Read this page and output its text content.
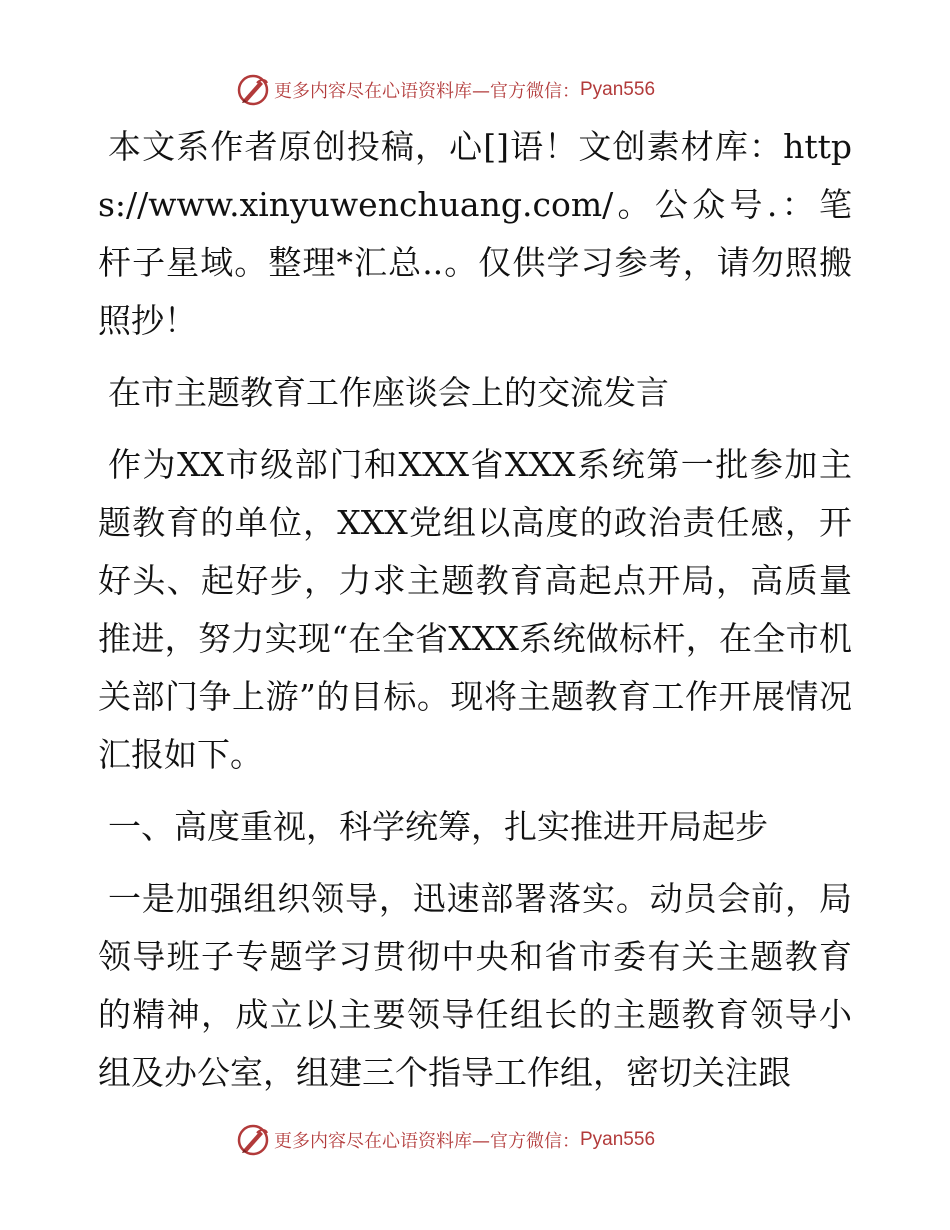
更多内容尽在心语资料库—官方微信： Pyan556

本文系作者原创投稿，心[]语！文创素材库：https://www.xinyuwenchuang.com/。公众号.：笔杆子星域。整理*汇总..。仅供学习参考，请勿照搬照抄！

在市主题教育工作座谈会上的交流发言

作为XX市级部门和XXX省XXX系统第一批参加主题教育的单位，XXX党组以高度的政治责任感，开好头、起好步，力求主题教育高起点开局，高质量推进，努力实现“在全省XXX系统做标杆，在全市机关部门争上游”的目标。现将主题教育工作开展情况汇报如下。

一、高度重视，科学统筹，扎实推进开局起步

一是加强组织领导，迅速部署落实。动员会前，局领导班子专题学习贯彻中央和省市委有关主题教育的精神，成立以主要领导任组长的主题教育领导小组及办公室，组建三个指导工作组，密切关注跟

更多内容尽在心语资料库—官方微信： Pyan556
